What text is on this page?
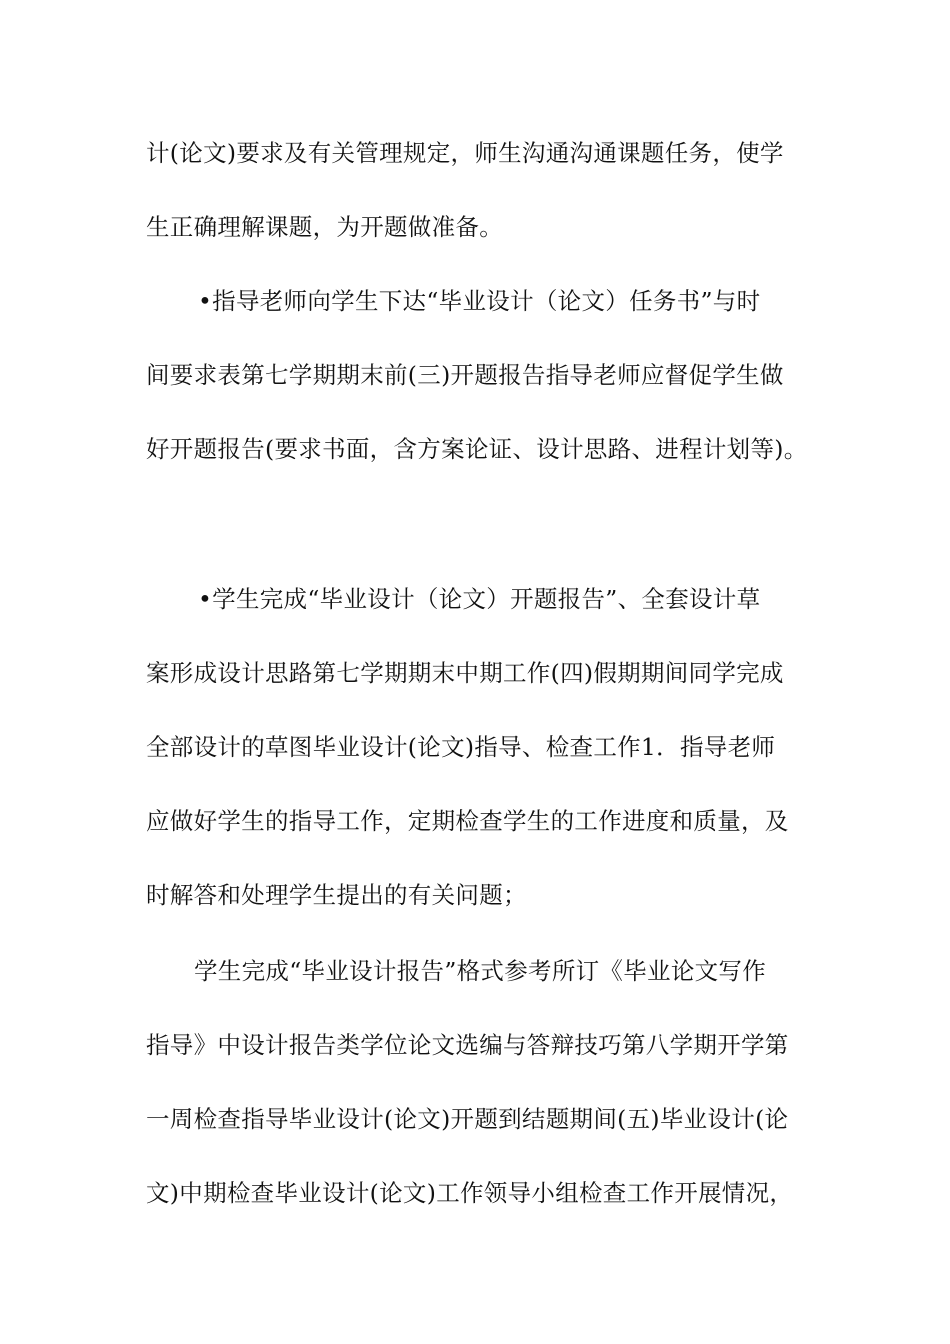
计(论文)要求及有关管理规定，师生沟通沟通课题任务，使学
生正确理解课题，为开题做准备。
•指导老师向学生下达“毕业设计（论文）任务书”与时
间要求表第七学期期末前(三)开题报告指导老师应督促学生做
好开题报告(要求书面，含方案论证、设计思路、进程计划等)。
•学生完成“毕业设计（论文）开题报告”、全套设计草
案形成设计思路第七学期期末中期工作(四)假期期间同学完成
全部设计的草图毕业设计(论文)指导、检查工作1．指导老师
应做好学生的指导工作，定期检查学生的工作进度和质量，及
时解答和处理学生提出的有关问题；
学生完成“毕业设计报告”格式参考所订《毕业论文写作
指导》中设计报告类学位论文选编与答辩技巧第八学期开学第
一周检查指导毕业设计(论文)开题到结题期间(五)毕业设计(论
文)中期检查毕业设计(论文)工作领导小组检查工作开展情况，
